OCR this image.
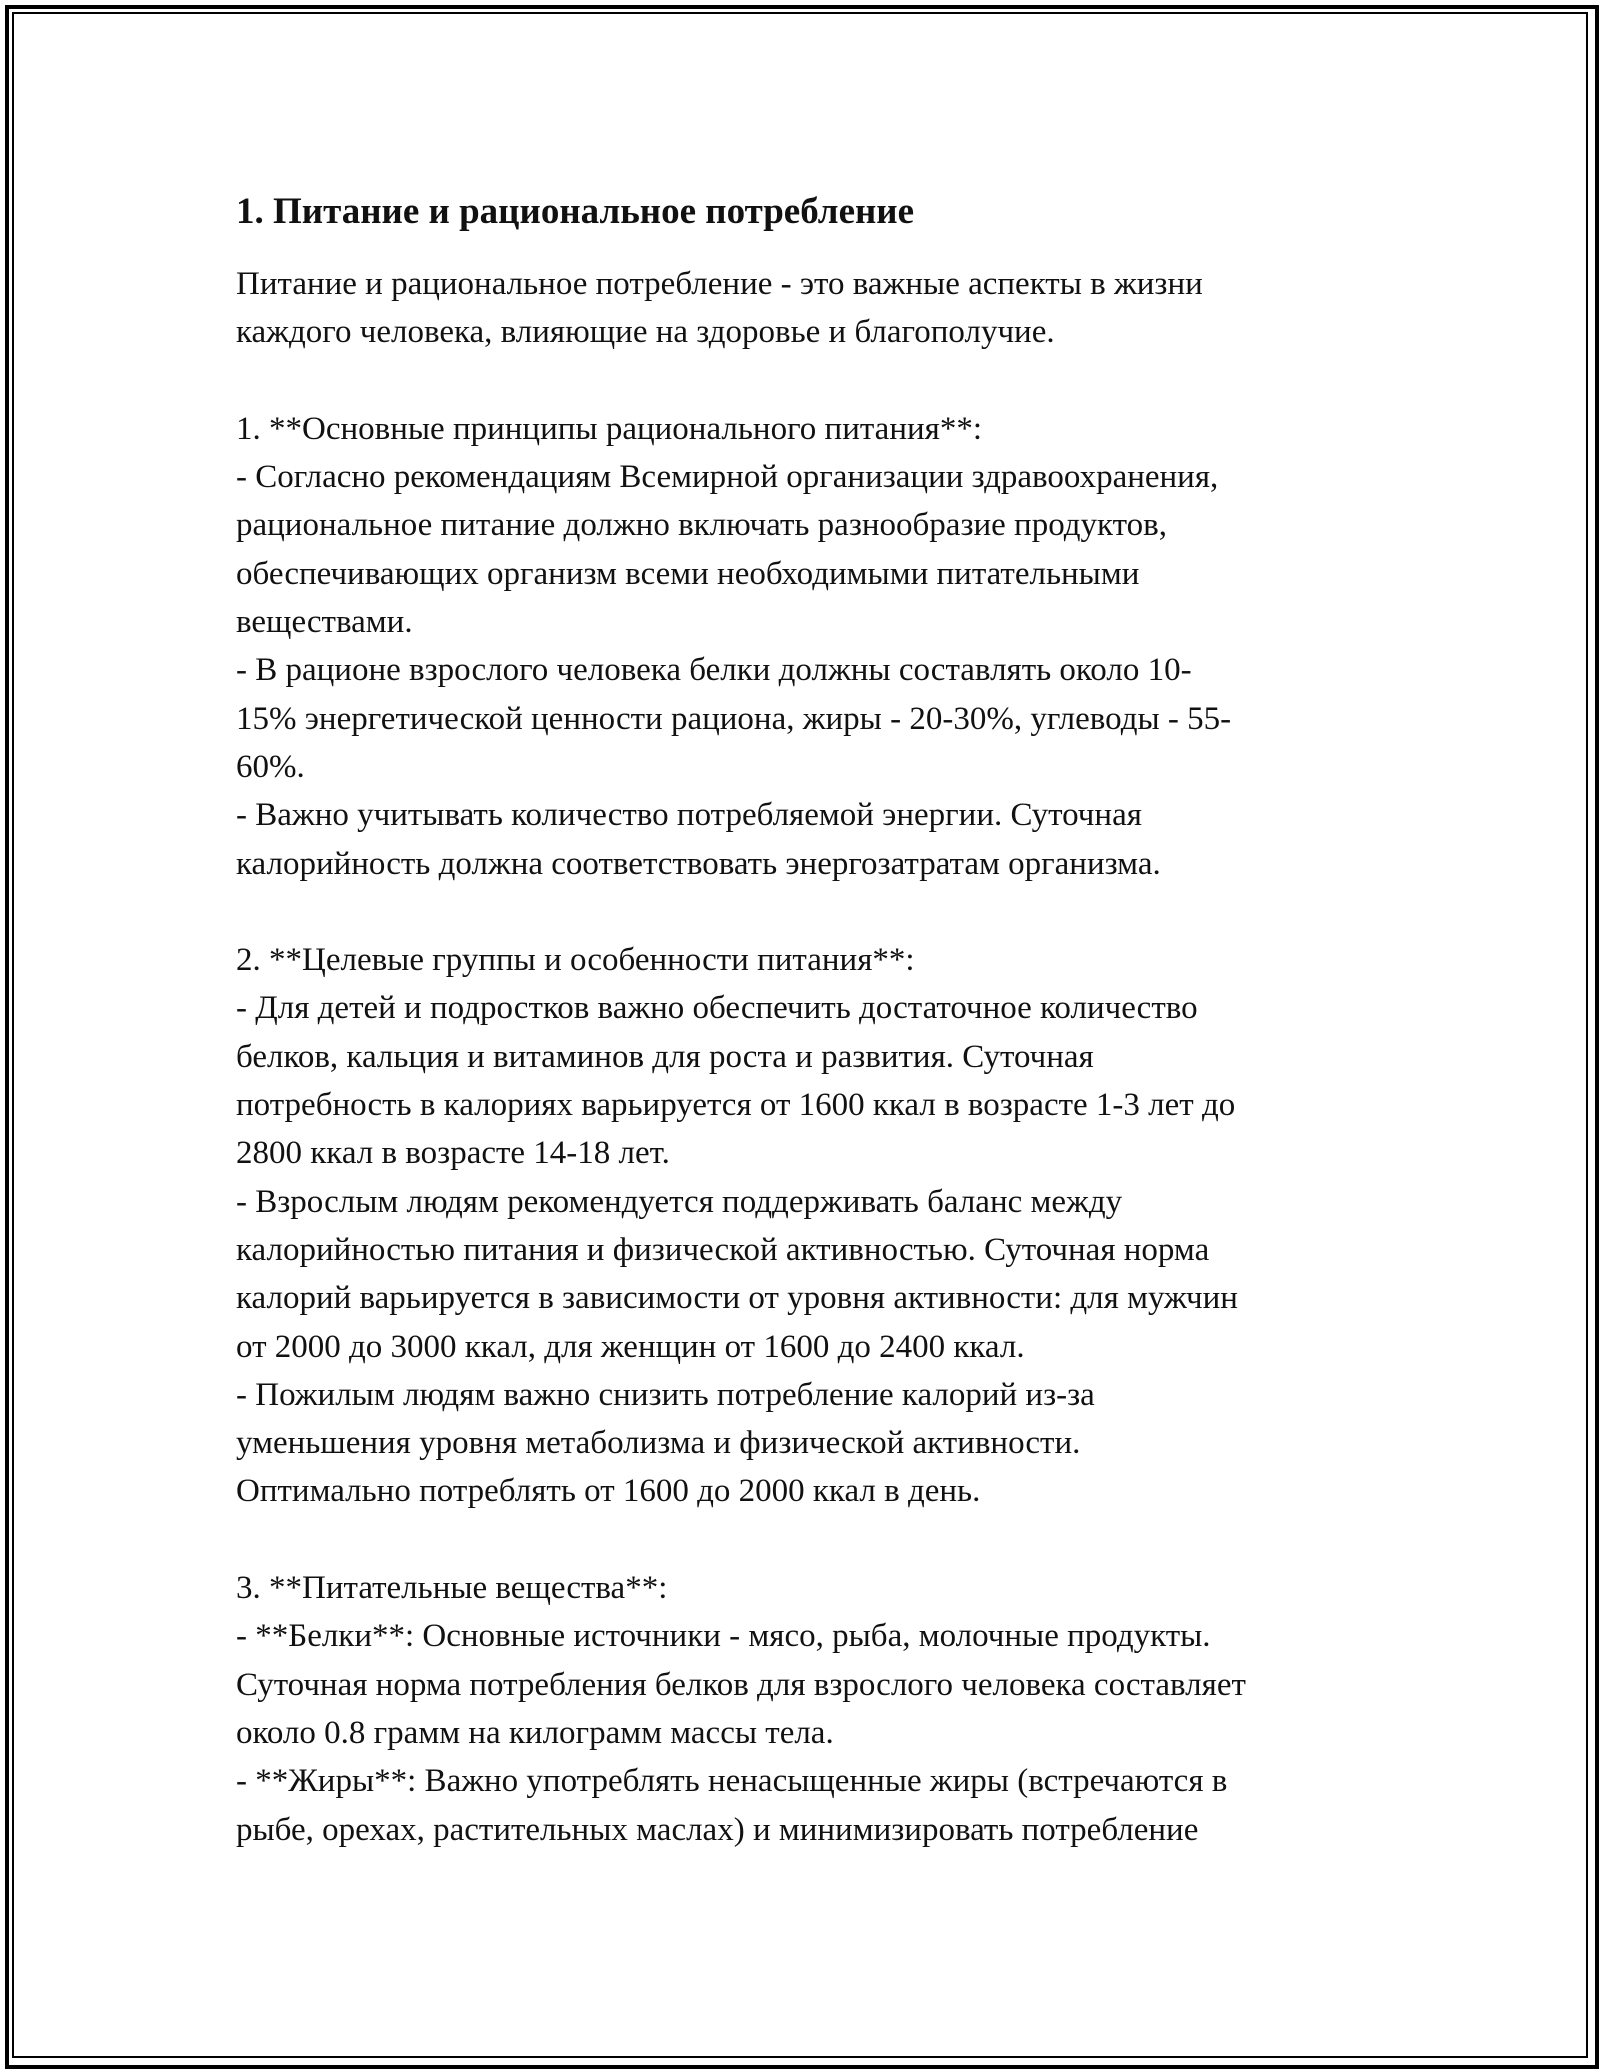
1. Питание и рациональное потребление

Питание и рациональное потребление - это важные аспекты в жизни
каждого человека, влияющие на здоровье и благополучие.

1. **Основные принципы рационального питания**:
- Согласно рекомендациям Всемирной организации здравоохранения,
рациональное питание должно включать разнообразие продуктов,
обеспечивающих организм всеми необходимыми питательными
веществами.
- В рационе взрослого человека белки должны составлять около 10-
15% энергетической ценности рациона, жиры - 20-30%, углеводы - 55-
60%.
- Важно учитывать количество потребляемой энергии. Суточная
калорийность должна соответствовать энергозатратам организма.
2. **Целевые группы и особенности питания**:
- Для детей и подростков важно обеспечить достаточное количество
белков, кальция и витаминов для роста и развития. Суточная
потребность в калориях варьируется от 1600 ккал в возрасте 1-3 лет до
2800 ккал в возрасте 14-18 лет.
- Взрослым людям рекомендуется поддерживать баланс между
калорийностью питания и физической активностью. Суточная норма
калорий варьируется в зависимости от уровня активности: для мужчин
от 2000 до 3000 ккал, для женщин от 1600 до 2400 ккал.
- Пожилым людям важно снизить потребление калорий из-за
уменьшения уровня метаболизма и физической активности.
Оптимально потреблять от 1600 до 2000 ккал в день.
3. **Питательные вещества**:
- **Белки**: Основные источники - мясо, рыба, молочные продукты.
Суточная норма потребления белков для взрослого человека составляет
около 0.8 грамм на килограмм массы тела.
- **Жиры**: Важно употреблять ненасыщенные жиры (встречаются в
рыбе, орехах, растительных маслах) и минимизировать потребление
